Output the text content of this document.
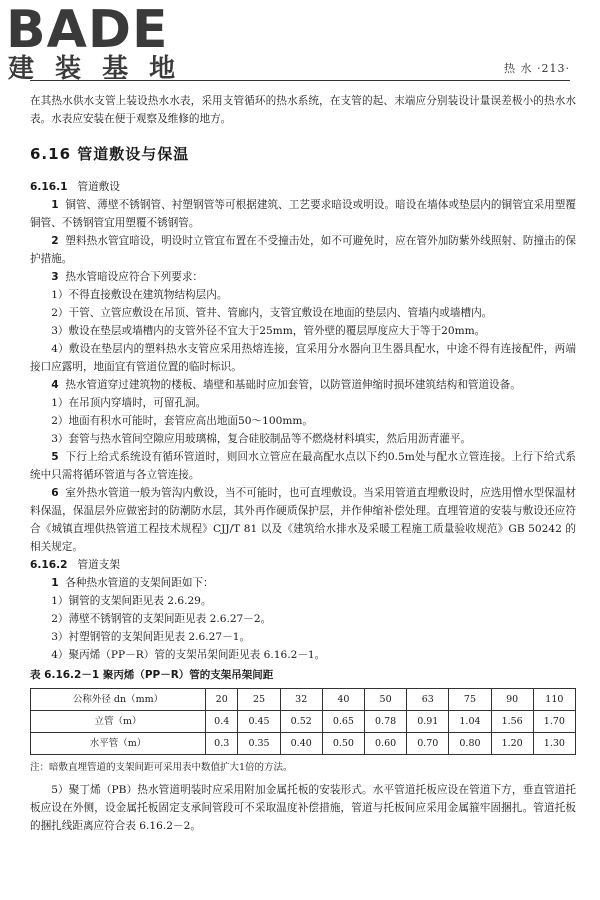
BADE
建 装 基 地	热 水 ·213·

在其热水供水支管上装设热水水表，采用支管循环的热水系统，在支管的起、末端应分别装设计量误差极小的热水水表。水表应安装在便于观察及维修的地方。

6.16 管道敷设与保温

6.16.1 管道敷设

1 铜管、薄壁不锈钢管、衬塑钢管等可根据建筑、工艺要求暗设或明设。暗设在墙体或垫层内的铜管宜采用塑覆铜管、不锈钢管宜用塑覆不锈钢管。

2 塑料热水管宜暗设，明设时立管宜布置在不受撞击处，如不可避免时，应在管外加防紫外线照射、防撞击的保护措施。

3 热水管暗设应符合下列要求：

1）不得直接敷设在建筑物结构层内。

2）干管、立管应敷设在吊顶、管井、管廊内，支管宜敷设在地面的垫层内、管墙内或墙槽内。

3）敷设在垫层或墙槽内的支管外径不宜大于25mm，管外壁的覆层厚度应大于等于20mm。

4）敷设在垫层内的塑料热水支管应采用热熔连接，宜采用分水器向卫生器具配水，中途不得有连接配件，两端接口应露明，地面宜有管道位置的临时标识。

4 热水管道穿过建筑物的楼板、墙壁和基础时应加套管，以防管道伸缩时损坏建筑结构和管道设备。

1）在吊顶内穿墙时，可留孔洞。

2）地面有积水可能时，套管应高出地面50～100mm。

3）套管与热水管间空隙应用玻璃棉，复合硅胶制品等不燃烧材料填实，然后用沥青灌平。

5 下行上给式系统设有循环管道时，则回水立管应在最高配水点以下约0.5m处与配水立管连接。上行下给式系统中只需将循环管道与各立管连接。

6 室外热水管道一般为管沟内敷设，当不可能时，也可直埋敷设。当采用管道直埋敷设时，应选用憎水型保温材料保温，保温层外应做密封的防潮防水层，其外再作硬质保护层，并作伸缩补偿处理。直埋管道的安装与敷设还应符合《城镇直埋供热管道工程技术规程》CJJ/T 81 以及《建筑给水排水及采暖工程施工质量验收规范》GB 50242 的相关规定。

6.16.2 管道支架

1 各种热水管道的支架间距如下：

1）铜管的支架间距见表 2.6.29。

2）薄壁不锈钢管的支架间距见表 2.6.27－2。

3）衬塑钢管的支架间距见表 2.6.27－1。

4）聚丙烯（PP－R）管的支架吊架间距见表 6.16.2－1。

表 6.16.2－1 聚丙烯（PP－R）管的支架吊架间距

公称外径 dn（mm）	20	25	32	40	50	63	75	90	110
立管（m）	0.4	0.45	0.52	0.65	0.78	0.91	1.04	1.56	1.70
水平管（m）	0.3	0.35	0.40	0.50	0.60	0.70	0.80	1.20	1.30

注：暗敷直埋管道的支架间距可采用表中数值扩大1倍的方法。

5）聚丁烯（PB）热水管道明装时应采用附加金属托板的安装形式。水平管道托板应设在管道下方，垂直管道托板应设在外侧，设金属托板固定支承间管段可不采取温度补偿措施，管道与托板间应采用金属箍牢固捆扎。管道托板的捆扎线距离应符合表 6.16.2－2。
